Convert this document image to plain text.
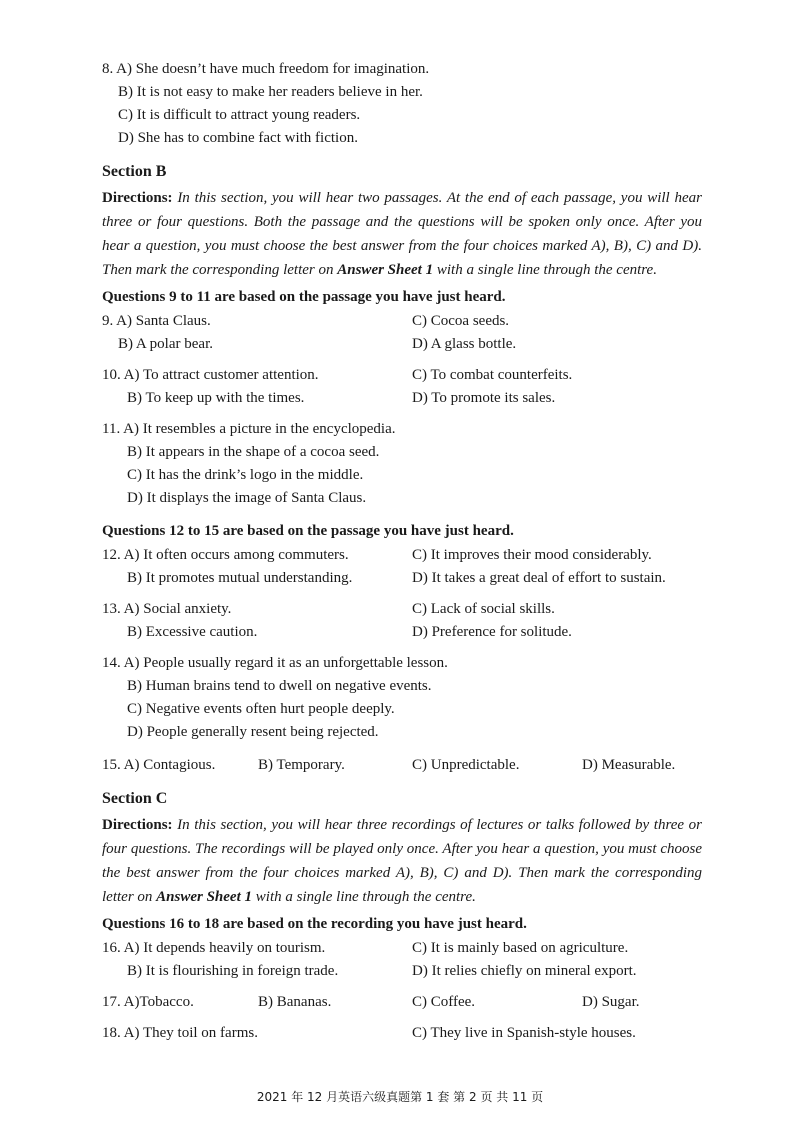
8. A) She doesn’t have much freedom for imagination.
B) It is not easy to make her readers believe in her.
C) It is difficult to attract young readers.
D) She has to combine fact with fiction.
Section B
Directions: In this section, you will hear two passages. At the end of each passage, you will hear three or four questions. Both the passage and the questions will be spoken only once. After you hear a question, you must choose the best answer from the four choices marked A), B), C) and D). Then mark the corresponding letter on Answer Sheet 1 with a single line through the centre.
Questions 9 to 11 are based on the passage you have just heard.
9. A) Santa Claus.	C) Cocoa seeds.
B) A polar bear.	D) A glass bottle.
10. A) To attract customer attention.	C) To combat counterfeits.
B) To keep up with the times.	D) To promote its sales.
11. A) It resembles a picture in the encyclopedia.
B) It appears in the shape of a cocoa seed.
C) It has the drink’s logo in the middle.
D) It displays the image of Santa Claus.
Questions 12 to 15 are based on the passage you have just heard.
12. A) It often occurs among commuters.	C) It improves their mood considerably.
B) It promotes mutual understanding.	D) It takes a great deal of effort to sustain.
13. A) Social anxiety.	C) Lack of social skills.
B) Excessive caution.	D) Preference for solitude.
14. A) People usually regard it as an unforgettable lesson.
B) Human brains tend to dwell on negative events.
C) Negative events often hurt people deeply.
D) People generally resent being rejected.
15. A) Contagious.	B) Temporary.	C) Unpredictable.	D) Measurable.
Section C
Directions: In this section, you will hear three recordings of lectures or talks followed by three or four questions. The recordings will be played only once. After you hear a question, you must choose the best answer from the four choices marked A), B), C) and D). Then mark the corresponding letter on Answer Sheet 1 with a single line through the centre.
Questions 16 to 18 are based on the recording you have just heard.
16. A) It depends heavily on tourism.	C) It is mainly based on agriculture.
B) It is flourishing in foreign trade.	D) It relies chiefly on mineral export.
17. A)Tobacco.	B) Bananas.	C) Coffee.	D) Sugar.
18. A) They toil on farms.	C) They live in Spanish-style houses.
2021 年 12 月英语六级真题第 1 套 第 2 页 共 11 页
